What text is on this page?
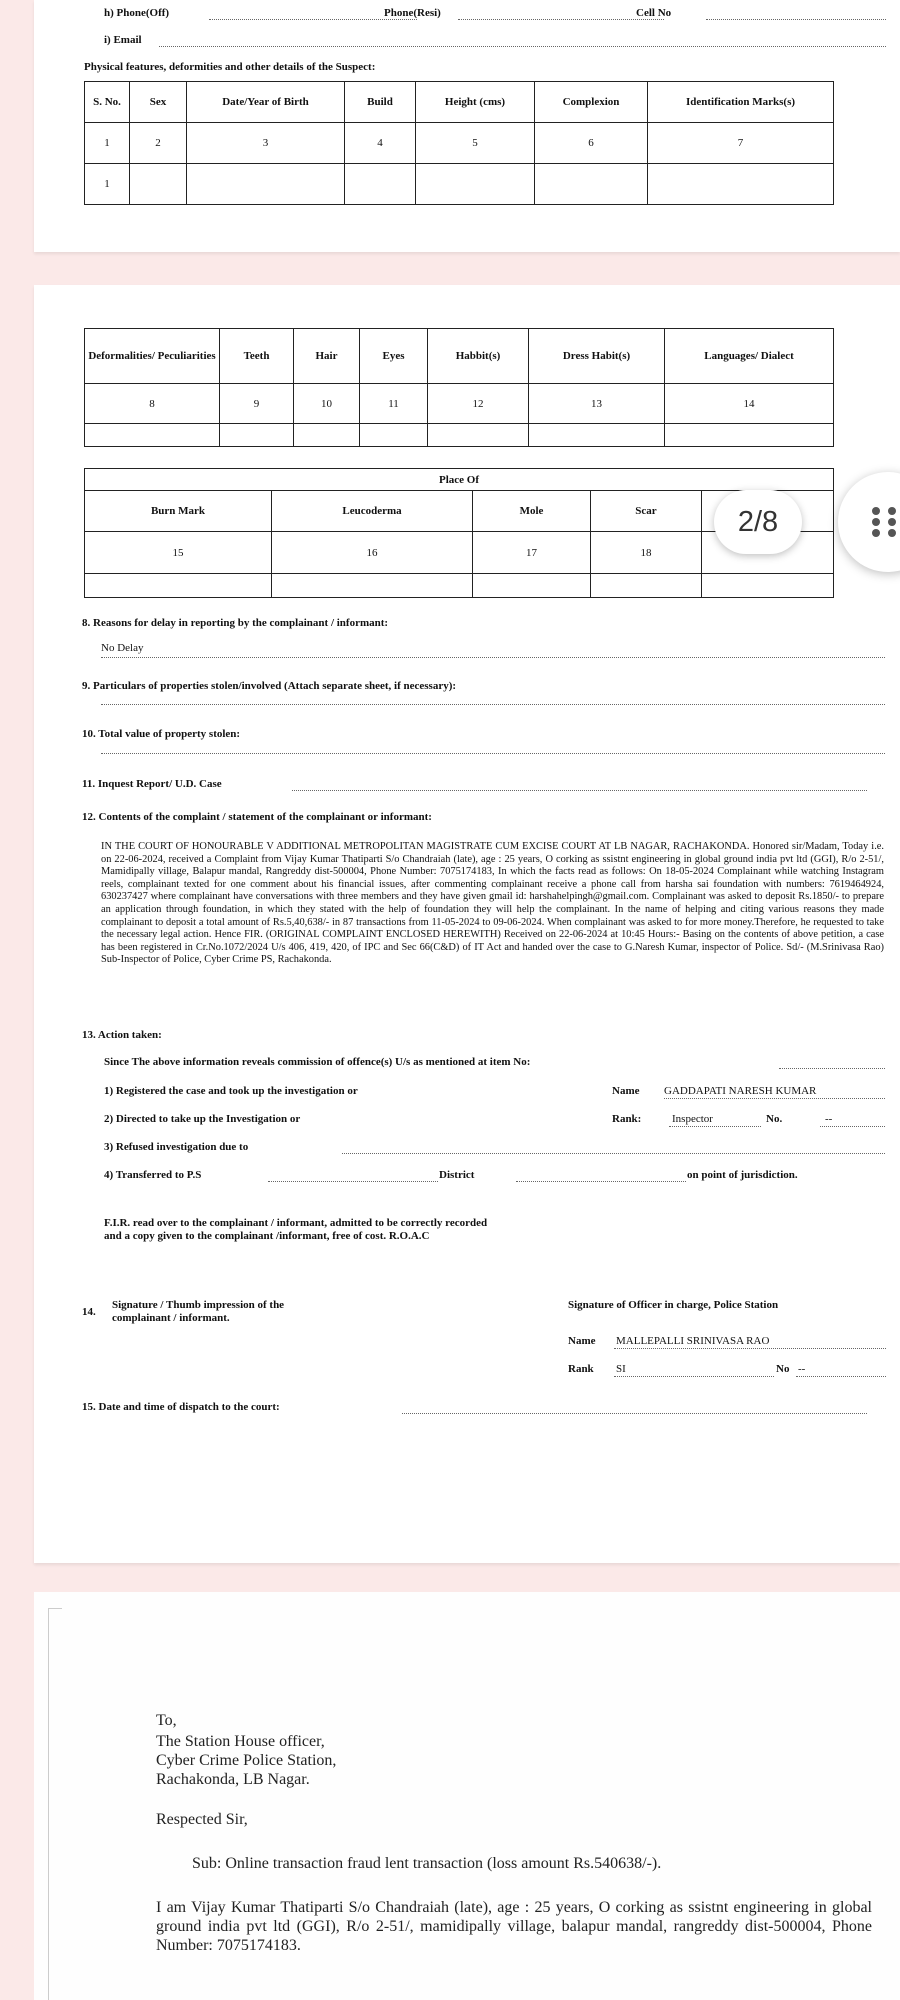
h) Phone(Off)	Phone(Resi)	Cell No
i) Email
Physical features, deformities and other details of the Suspect:
S. No.	Sex	Date/Year of Birth	Build	Height (cms)	Complexion	Identification Marks(s)
1	2	3	4	5	6	7
1						
Deformalities/ Peculiarities	Teeth	Hair	Eyes	Habbit(s)	Dress Habit(s)	Languages/ Dialect
8	9	10	11	12	13	14

Place Of				
Burn Mark	Leucoderma	Mole	Scar	
15	16	17	18	

8. Reasons for delay in reporting by the complainant / informant:
No Delay
9. Particulars of properties stolen/involved (Attach separate sheet, if necessary):
10. Total value of property stolen:
11. Inquest Report/ U.D. Case
12. Contents of the complaint / statement of the complainant or informant:
IN THE COURT OF HONOURABLE V ADDITIONAL METROPOLITAN MAGISTRATE CUM EXCISE COURT AT LB NAGAR, RACHAKONDA. Honored sir/Madam, Today i.e. on 22-06-2024, received a Complaint from Vijay Kumar Thatiparti S/o Chandraiah (late), age : 25 years, O corking as ssistnt engineering in global ground india pvt ltd (GGI), R/o 2-51/, Mamidipally village, Balapur mandal, Rangreddy dist-500004, Phone Number: 7075174183, In which the facts read as follows: On 18-05-2024 Complainant while watching Instagram reels, complainant texted for one comment about his financial issues, after commenting complainant receive a phone call from harsha sai foundation with numbers: 7619464924, 630237427 where complainant have conversations with three members and they have given gmail id: harshahelpingh@gmail.com. Complainant was asked to deposit Rs.1850/- to prepare an application through foundation, in which they stated with the help of foundation they will help the complainant. In the name of helping and citing various reasons they made complainant to deposit a total amount of Rs.5,40,638/- in 87 transactions from 11-05-2024 to 09-06-2024. When complainant was asked to for more money.Therefore, he requested to take the necessary legal action. Hence FIR. (ORIGINAL COMPLAINT ENCLOSED HEREWITH) Received on 22-06-2024 at 10:45 Hours:- Basing on the contents of above petition, a case has been registered in Cr.No.1072/2024 U/s 406, 419, 420, of IPC and Sec 66(C&D) of IT Act and handed over the case to G.Naresh Kumar, inspector of Police. Sd/- (M.Srinivasa Rao) Sub-Inspector of Police, Cyber Crime PS, Rachakonda.
13. Action taken:
Since The above information reveals commission of offence(s) U/s as mentioned at item No:
1) Registered the case and took up the investigation or	Name GADDAPATI NARESH KUMAR
2) Directed to take up the Investigation or	Rank:	Inspector	No.	--
3) Refused investigation due to
4) Transferred to P.S	District	on point of jurisdiction.
F.I.R. read over to the complainant / informant, admitted to be correctly recorded
and a copy given to the complainant /informant, free of cost. R.O.A.C
14.
Signature / Thumb impression of the
complainant / informant.
Signature of Officer in charge, Police Station
Name MALLEPALLI SRINIVASA RAO
Rank SI	No --
15. Date and time of dispatch to the court:
To,
The Station House officer,
Cyber Crime Police Station,
Rachakonda, LB Nagar.
Respected Sir,
Sub: Online transaction fraud lent transaction (loss amount Rs.540638/-).
I am Vijay Kumar Thatiparti S/o Chandraiah (late), age : 25 years, O corking as ssistnt engineering in global ground india pvt ltd (GGI), R/o 2-51/, mamidipally village, balapur mandal, rangreddy dist-500004, Phone Number: 7075174183.
2/8
